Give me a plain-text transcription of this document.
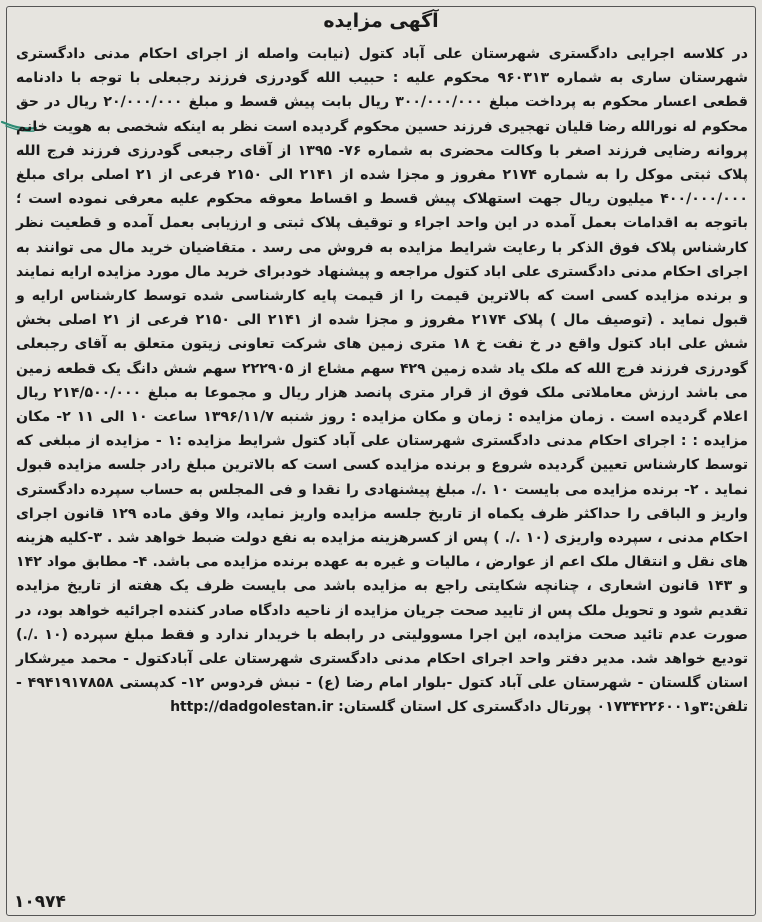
آگهی مزایده

در کلاسه اجرایی دادگستری شهرستان علی آباد کتول (نیابت واصله از اجرای احکام مدنی دادگستری شهرستان ساری به شماره ۹۶۰۳۱۳ محکوم علیه : حبیب الله گودرزی فرزند رجبعلی با توجه با دادنامه قطعی اعسار محکوم به پرداخت مبلغ ۳۰۰/۰۰۰/۰۰۰ ریال بابت پیش قسط و مبلغ ۲۰/۰۰۰/۰۰۰ ریال در حق محکوم له نورالله رضا قلیان تهجیری فرزند حسین محکوم گردیده است نظر به اینکه شخصی به هویت خانم پروانه رضایی فرزند اصغر با وکالت محضری به شماره ۷۶- ۱۳۹۵ از آقای رجبعی گودرزی فرزند فرج الله پلاک ثبتی موکل را به شماره ۲۱۷۴ مفروز و مجزا شده از ۲۱۴۱ الی ۲۱۵۰ فرعی از ۲۱ اصلی برای مبلغ ۴۰۰/۰۰۰/۰۰۰ میلیون ریال جهت استهلاک پیش قسط و اقساط معوقه محکوم علیه معرفی نموده است ؛ باتوجه به اقدامات بعمل آمده در این واحد اجراء و توقیف پلاک ثبتی و ارزیابی بعمل آمده و قطعیت نظر کارشناس پلاک فوق الذکر با رعایت شرایط مزایده به فروش می رسد . متقاضیان خرید مال می توانند به اجرای احکام مدنی دادگستری علی اباد کتول مراجعه و پیشنهاد خودبرای خرید مال مورد مزایده ارایه نمایند و برنده مزایده کسی است که بالاترین قیمت را از قیمت پایه کارشناسی شده توسط کارشناس ارایه و قبول نماید . (توصیف مال ) پلاک ۲۱۷۴ مفروز و مجزا شده از ۲۱۴۱ الی ۲۱۵۰ فرعی از ۲۱ اصلی بخش شش علی اباد کتول واقع در خ نفت خ ۱۸ متری زمین های شرکت تعاونی زیتون متعلق به آقای رجبعلی گودرزی فرزند فرج الله که ملک یاد شده زمین ۴۲۹ سهم مشاع از ۲۲۲۹۰۵ سهم شش دانگ یک قطعه زمین می باشد ارزش معاملاتی ملک فوق از قرار متری پانصد هزار ریال و مجموعا به مبلغ ۲۱۴/۵۰۰/۰۰۰ ریال اعلام گردیده است . زمان مزایده : زمان و مکان مزایده : روز شنبه ۱۳۹۶/۱۱/۷ ساعت ۱۰ الی ۱۱ ۲- مکان مزایده : : اجرای احکام مدنی دادگستری شهرستان علی آباد کتول شرایط مزایده :۱ - مزایده از مبلغی که توسط کارشناس تعیین گردیده شروع و برنده مزایده کسی است که بالاترین مبلغ رادر جلسه مزایده قبول نماید . ۲- برنده مزایده می بایست ۱۰ ./. مبلغ پیشنهادی را نقدا و فی المجلس به حساب سپرده دادگستری واریز و الباقی را حداکثر ظرف یکماه از تاریخ جلسه مزایده واریز نماید، والا وفق ماده ۱۲۹ قانون اجرای احکام مدنی ، سپرده واریزی (۱۰ ./. ) پس از کسرهزینه مزایده به نفع دولت ضبط خواهد شد . ۳-کلیه هزینه های نقل و انتقال ملک اعم از عوارض ، مالیات و غیره به عهده برنده مزایده می باشد. ۴- مطابق مواد ۱۴۲ و ۱۴۳ قانون اشعاری ، چنانچه شکایتی راجع به مزایده باشد می بایست ظرف یک هفته از تاریخ مزایده تقدیم شود و تحویل ملک پس از تایید صحت جریان مزایده از ناحیه دادگاه صادر کننده اجرائیه خواهد بود، در صورت عدم تائید صحت مزایده، این اجرا مسوولیتی در رابطه با خریدار ندارد و فقط مبلغ سپرده (۱۰ ./.) تودیع خواهد شد. مدیر دفتر واحد اجرای احکام مدنی دادگستری شهرستان علی آبادکتول - محمد میرشکار استان گلستان - شهرستان علی آباد کتول -بلوار امام رضا (ع) - نبش فردوس ۱۲- کدپستی ۴۹۴۱۹۱۷۸۵۸ - تلفن:۳و۰۱۷۳۴۲۲۶۰۰۱ پورتال دادگستری کل استان گلستان: http://dadgolestan.ir

۱۰۹۷۴
